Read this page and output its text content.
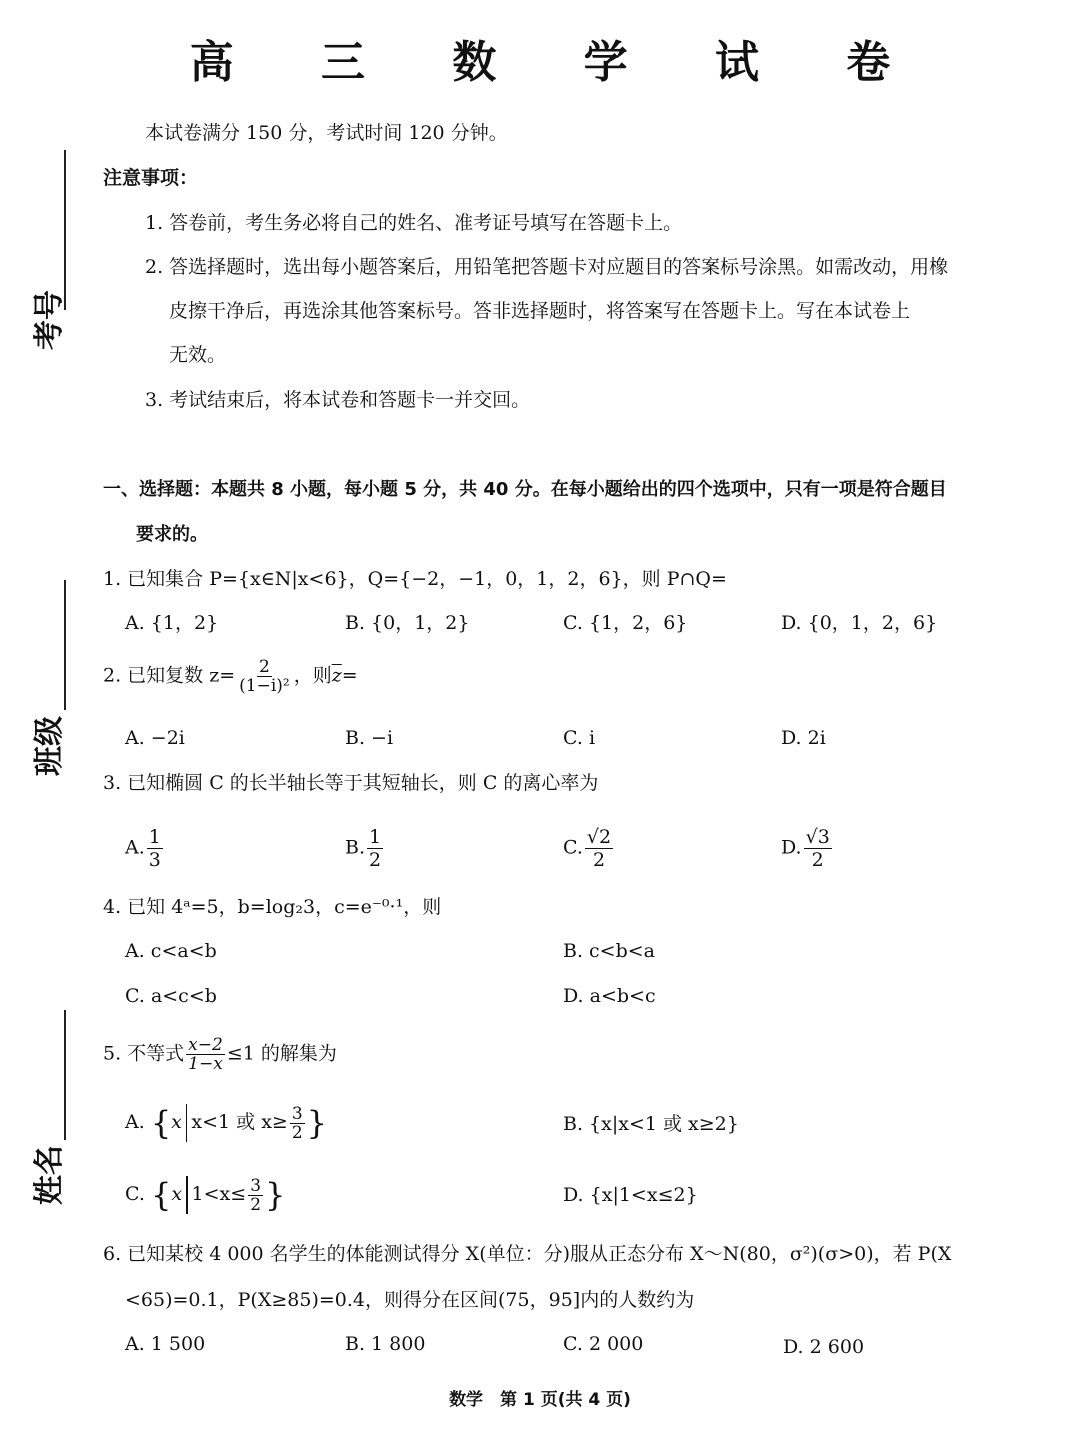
高 三 数 学 试 卷
考号
班级
姓名
本试卷满分 150 分，考试时间 120 分钟。
注意事项：
1. 答卷前，考生务必将自己的姓名、准考证号填写在答题卡上。
2. 答选择题时，选出每小题答案后，用铅笔把答题卡对应题目的答案标号涂黑。如需改动，用橡
皮擦干净后，再选涂其他答案标号。答非选择题时，将答案写在答题卡上。写在本试卷上
无效。
3. 考试结束后，将本试卷和答题卡一并交回。
一、选择题：本题共 8 小题，每小题 5 分，共 40 分。在每小题给出的四个选项中，只有一项是符合题目
要求的。
1. 已知集合 P={x∈N|x<6}，Q={−2，−1，0，1，2，6}，则 P∩Q=
A. {1，2}	B. {0，1，2}	C. {1，2，6}	D. {0，1，2，6}
2. 已知复数 $z= \frac{2}{\text{(1−i)²}}$ ，则$\overline{z}=$
A. −2i	B. −i	C. i	D. 2i
3. 已知椭圆 C 的长半轴长等于其短轴长，则 C 的离心率为
A. $\frac{1}{3}$	B. $\frac{1}{2}$	C. $\frac{√2}{2}$	D. $\frac{√3}{2}$
4. 已知 4ᵃ=5，b=log₂3，c=e⁻⁰·¹，则
A. c<a<b	B. c<b<a
C. a<c<b	D. a<b<c
5. 不等式 $\frac{x-2}{1-x} \le 1$ 的解集为
A. {x x<1 或 $x\ge \frac{3}{2}$ }	B. {x|x<1 或 x≥2}
C. {x $1<x\le \frac{3}{2}$ }	D. {x|1<x≤2}
6. 已知某校 4 000 名学生的体能测试得分 X(单位：分)服从正态分布 X～N(80，σ²)(σ>0)，若 P(X
<65)=0.1，P(X≥85)=0.4，则得分在区间(75，95]内的人数约为
A. 1 500	B. 1 800	C. 2 000	D. 2 600
数学　第 1 页(共 4 页)
